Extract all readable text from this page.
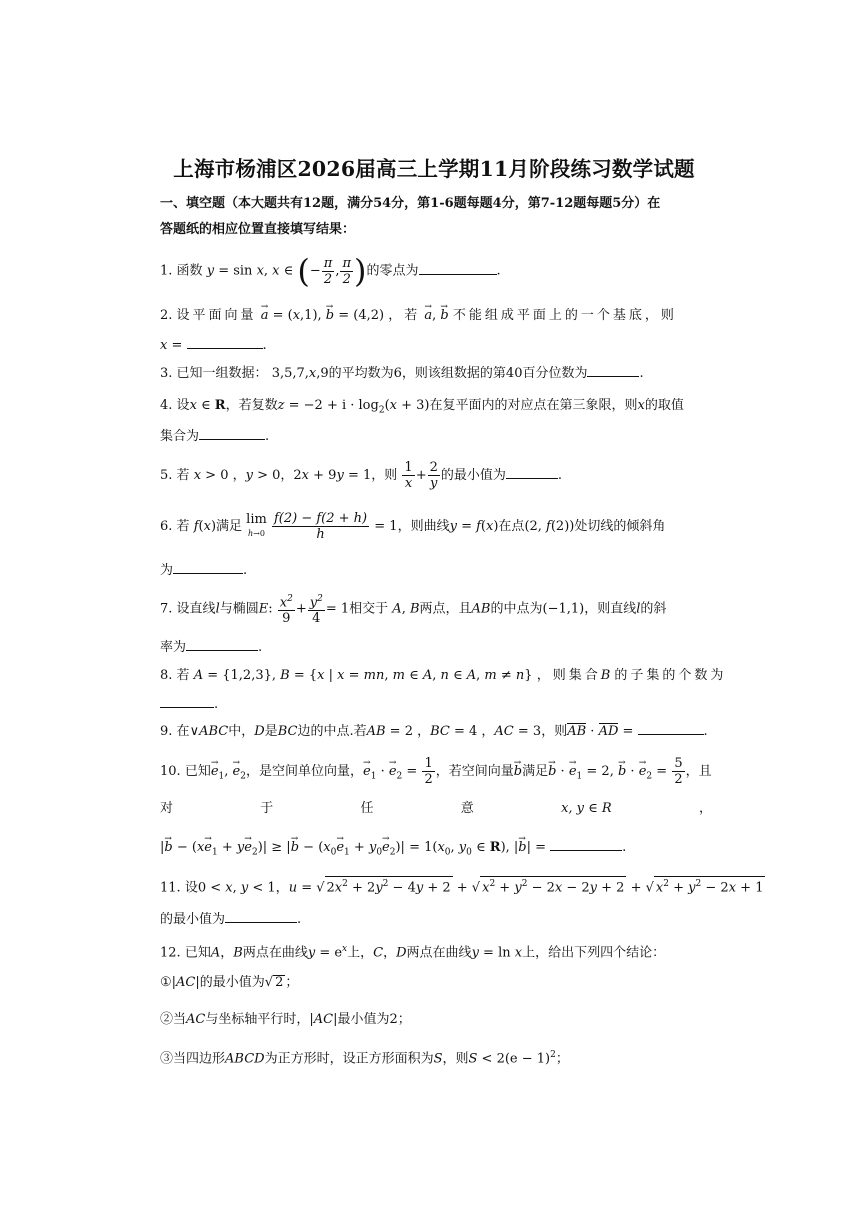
上海市杨浦区2026届高三上学期11月阶段练习数学试题
一、填空题（本大题共有12题，满分54分，第1-6题每题4分，第7-12题每题5分）在
答题纸的相应位置直接填写结果：
1. 函数 y = sin x, x ∈ (− $\frac{\pi}{2}$ , $\frac{\pi}{2}$ )的零点为	.
2. 设平面向量 → a = (x,1), → b = (4,2) ，若 → a, → b 不能组成平面上的一个基底，则
x =	.
3. 已知一组数据： 3,5,7,x,9的平均数为6，则该组数据的第40百分位数为	.
4. 设x ∈ R，若复数$z = -2 + i \cdot \log_2(x + 3)$在复平面内的对应点在第三象限，则x的取值
集合为	.
5. 若 x > 0 ，y > 0，2x + 9y = 1，则 $\frac{1}{x} + \frac{2}{y}$ 的最小值为	.
6. 若 f(x)满足 lim
$h\to 0 \frac{f(2) - f(2 + h)}{h} = 1$，则曲线y = f(x)在点(2, f(2))处切线的倾斜角
为	.
7. 设直线l与椭圆E: $\frac{x^2}{9} + \frac{y^2}{4} = 1$相交于 A, B两点，且AB的中点为(−1,1)，则直线l的斜
率为	.
8. 若 A = {1,2,3}, B = {x | x = mn, m ∈ A, n ∈ A, m ≠ n} ，则集合B 的子集的个数为
.
9. 在∨ABC中，D是BC边的中点.若AB = 2 ，BC = 4 ，AC = 3，则AB · AD =	.
10. 已知→ $e_1$, → $e_2$，是空间单位向量，→ $e_1$ · → $e_2 = \frac{1}{2}$ ，若空间向量→ b满足→ b · → $e_1 = 2$, → b · → $e_2 = \frac{5}{2}$ ，且
对	于	任	意	x, y ∈ R	，
|→ $b - (x\to e_1 + y\to e_2)|$ ≥ |→ $b - (x_0\to e_1 + y_0\to e_2)| = 1(x_0$, $y_0$ ∈ R), |→ b| =	.
11. 设0 < x, y < 1，u = √ $2x^2 + 2y^2 - 4y + 2$ + √ $x^2 + y^2 - 2x - 2y + 2$ + √ $x^2 + y^2 - 2x + 1$
的最小值为	.
12. 已知A，B两点在曲线$y = e^x$上，C，D两点在曲线y = ln x上，给出下列四个结论：
①|AC|的最小值为√ 2 ；
②当AC与坐标轴平行时，|AC|最小值为2；
③当四边形ABCD为正方形时，设正方形面积为S，则$S < 2(e - 1)^2$；
